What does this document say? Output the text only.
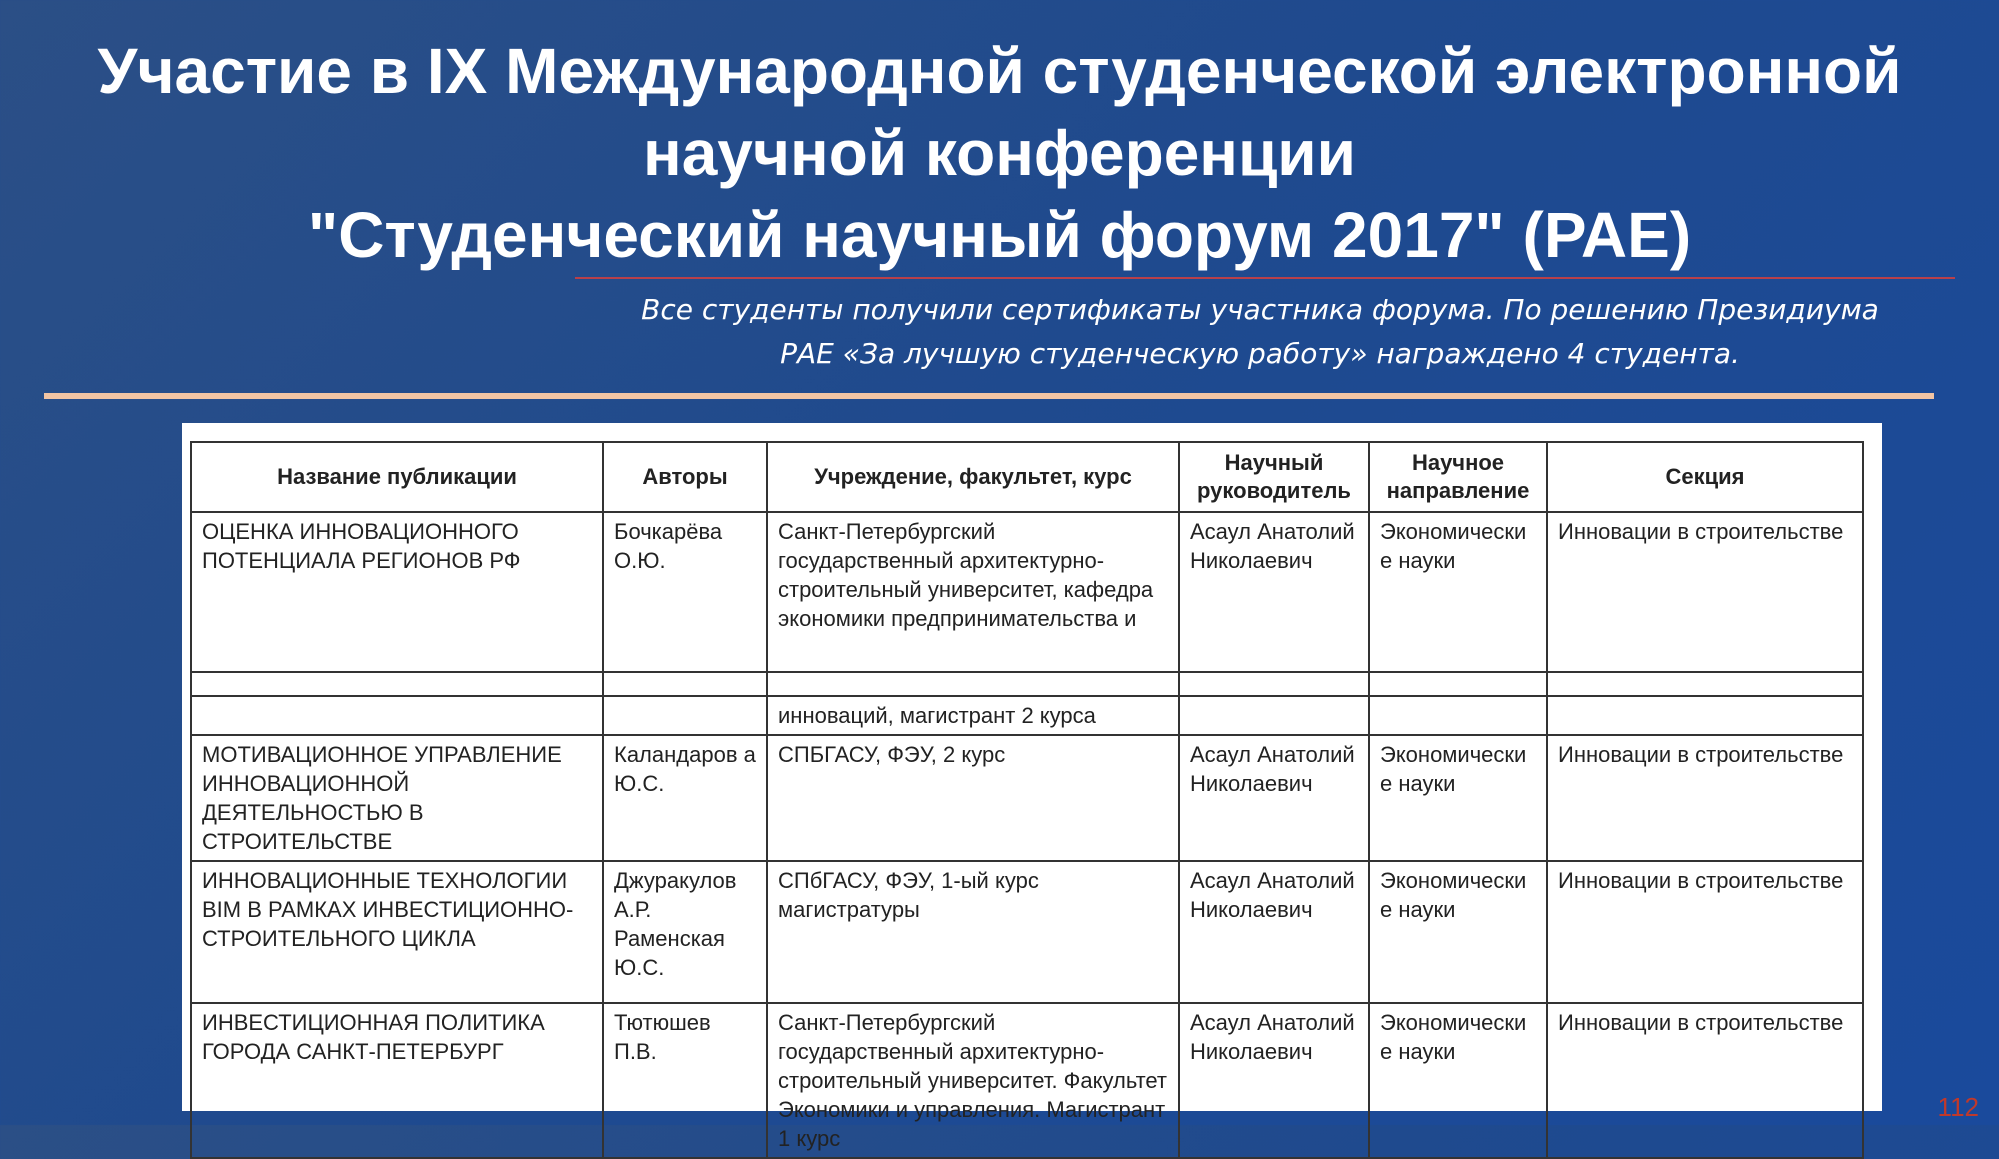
Участие в IX Международной студенческой электронной
научной конференции
"Студенческий научный форум 2017" (РАЕ)
Все студенты получили сертификаты участника форума. По решению Президиума
РАЕ «За лучшую студенческую работу» награждено 4 студента.
Название публикации	Авторы	Учреждение, факультет, курс	Научный руководитель	Научное направление	Секция
ОЦЕНКА ИННОВАЦИОННОГО ПОТЕНЦИАЛА РЕГИОНОВ РФ	Бочкарёва О.Ю.	Санкт-Петербургский государственный архитектурно-строительный университет, кафедра экономики предпринимательства и	Асаул Анатолий Николаевич	Экономически е науки	Инновации в строительстве

		инноваций, магистрант 2 курса			
МОТИВАЦИОННОЕ УПРАВЛЕНИЕ ИННОВАЦИОННОЙ ДЕЯТЕЛЬНОСТЬЮ В СТРОИТЕЛЬСТВЕ	Каландаров а Ю.С.	СПБГАСУ, ФЭУ, 2 курс	Асаул Анатолий Николаевич	Экономически е науки	Инновации в строительстве
ИННОВАЦИОННЫЕ ТЕХНОЛОГИИ BIM В РАМКАХ ИНВЕСТИЦИОННО-СТРОИТЕЛЬНОГО ЦИКЛА	Джуракулов А.Р. Раменская Ю.С.	СПбГАСУ, ФЭУ, 1-ый курс магистратуры	Асаул Анатолий Николаевич	Экономически е науки	Инновации в строительстве
ИНВЕСТИЦИОННАЯ ПОЛИТИКА ГОРОДА САНКТ-ПЕТЕРБУРГ	Тютюшев П.В.	Санкт-Петербургский государственный архитектурно-строительный университет. Факультет Экономики и управления. Магистрант 1 курс	Асаул Анатолий Николаевич	Экономически е науки	Инновации в строительстве
112
